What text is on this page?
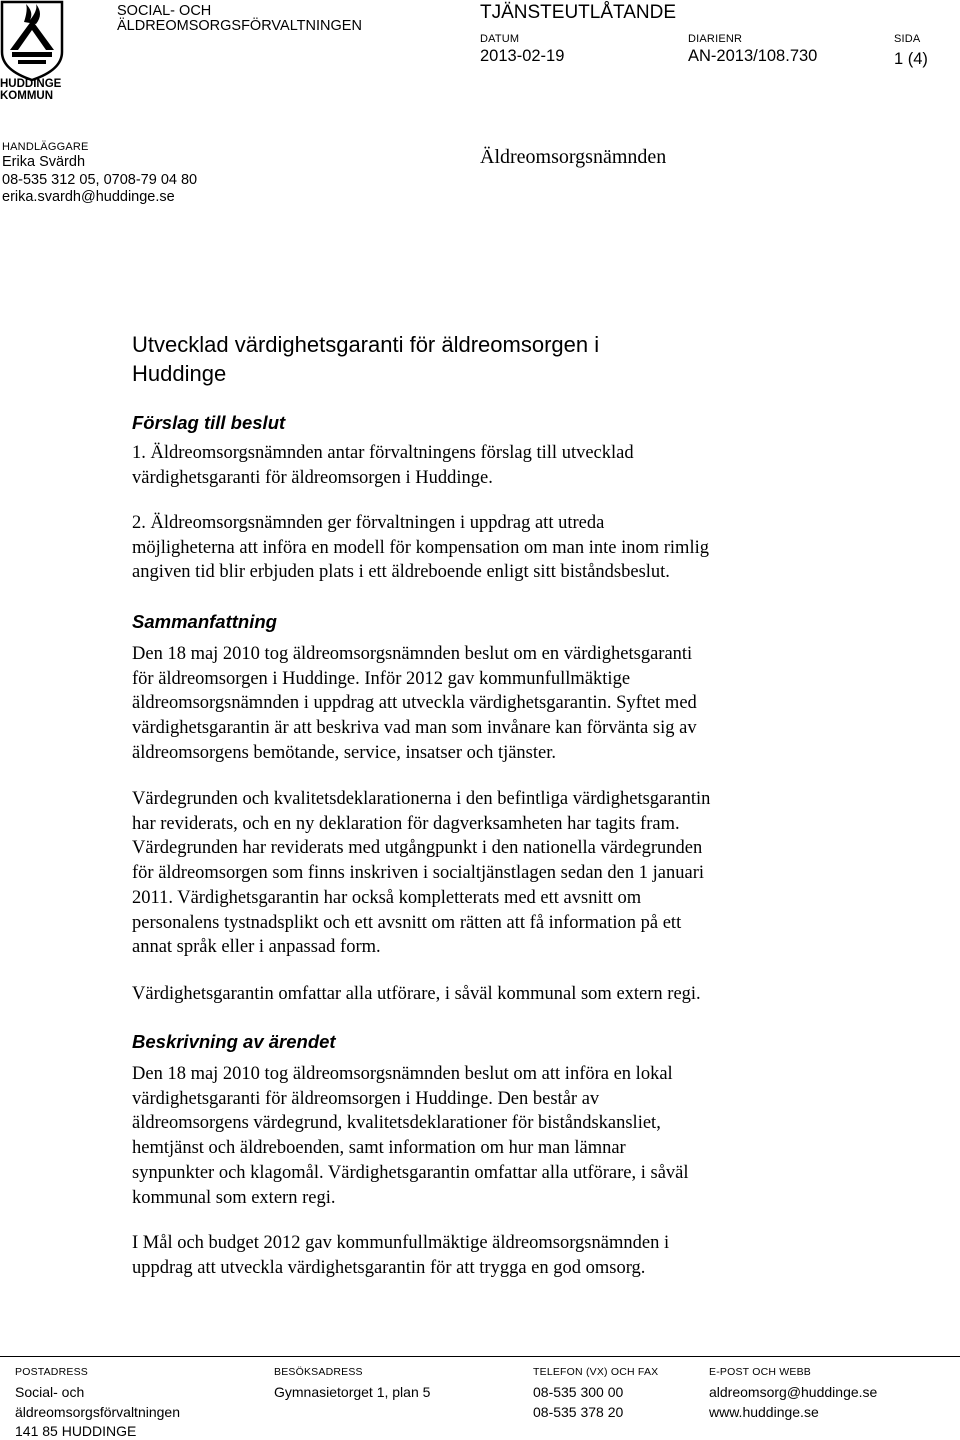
HUDDINGE
KOMMUN
SOCIAL- OCH
ÄLDREOMSORGSFÖRVALTNINGEN
TJÄNSTEUTLÅTANDE
DATUM	DIARIENR	SIDA
2013-02-19	AN-2013/108.730	1 (4)
HANDLÄGGARE
Erika Svärdh
08-535 312 05, 0708-79 04 80
erika.svardh@huddinge.se
Äldreomsorgsnämnden
Utvecklad värdighetsgaranti för äldreomsorgen i
Huddinge
Förslag till beslut
1. Äldreomsorgsnämnden antar förvaltningens förslag till utvecklad
värdighetsgaranti för äldreomsorgen i Huddinge.
2. Äldreomsorgsnämnden ger förvaltningen i uppdrag att utreda
möjligheterna att införa en modell för kompensation om man inte inom rimlig
angiven tid blir erbjuden plats i ett äldreboende enligt sitt biståndsbeslut.
Sammanfattning
Den 18 maj 2010 tog äldreomsorgsnämnden beslut om en värdighetsgaranti
för äldreomsorgen i Huddinge. Inför 2012 gav kommunfullmäktige
äldreomsorgsnämnden i uppdrag att utveckla värdighetsgarantin. Syftet med
värdighetsgarantin är att beskriva vad man som invånare kan förvänta sig av
äldreomsorgens bemötande, service, insatser och tjänster.
Värdegrunden och kvalitetsdeklarationerna i den befintliga värdighetsgarantin
har reviderats, och en ny deklaration för dagverksamheten har tagits fram.
Värdegrunden har reviderats med utgångpunkt i den nationella värdegrunden
för äldreomsorgen som finns inskriven i socialtjänstlagen sedan den 1 januari
2011. Värdighetsgarantin har också kompletterats med ett avsnitt om
personalens tystnadsplikt och ett avsnitt om rätten att få information på ett
annat språk eller i anpassad form.
Värdighetsgarantin omfattar alla utförare, i såväl kommunal som extern regi.
Beskrivning av ärendet
Den 18 maj 2010 tog äldreomsorgsnämnden beslut om att införa en lokal
värdighetsgaranti för äldreomsorgen i Huddinge. Den består av
äldreomsorgens värdegrund, kvalitetsdeklarationer för biståndskansliet,
hemtjänst och äldreboenden, samt information om hur man lämnar
synpunkter och klagomål. Värdighetsgarantin omfattar alla utförare, i såväl
kommunal som extern regi.
I Mål och budget 2012 gav kommunfullmäktige äldreomsorgsnämnden i
uppdrag att utveckla värdighetsgarantin för att trygga en god omsorg.
POSTADRESS
Social- och
äldreomsorgsförvaltningen
141 85 HUDDINGE
BESÖKSADRESS
Gymnasietorget 1, plan 5
TELEFON (VX) OCH FAX
08-535 300 00
08-535 378 20
E-POST OCH WEBB
aldreomsorg@huddinge.se
www.huddinge.se
